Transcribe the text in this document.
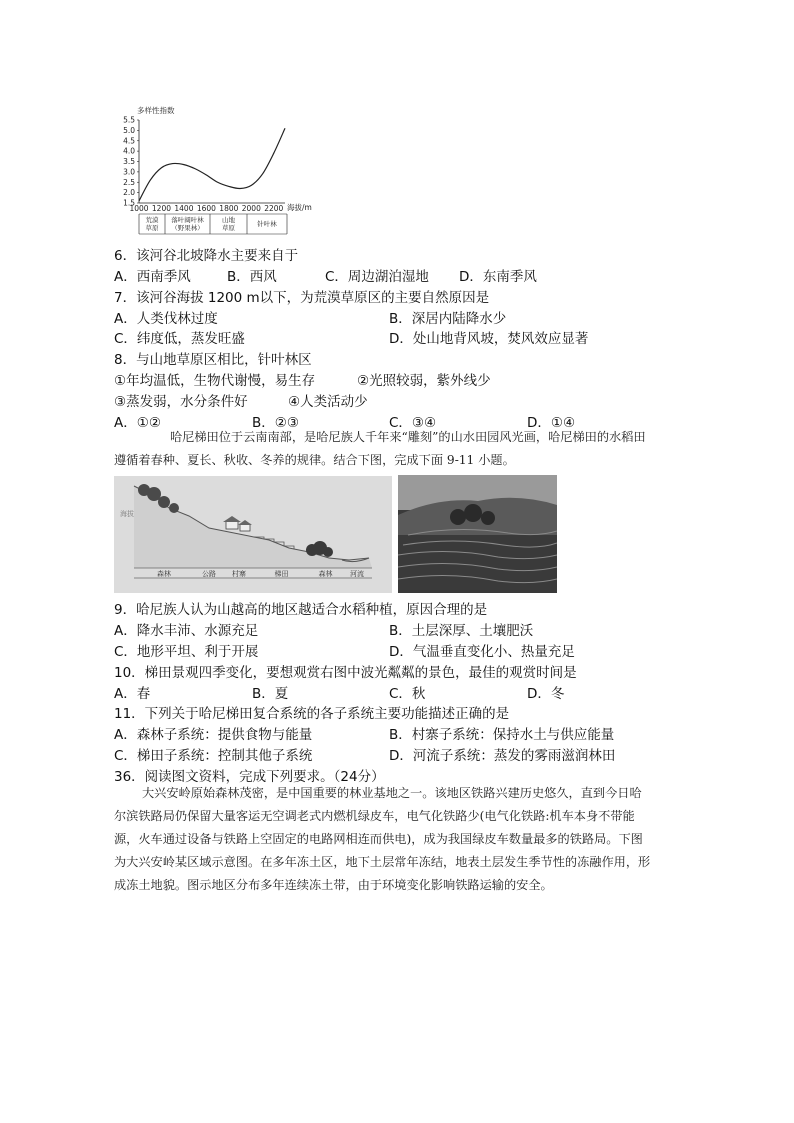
多样性指数
5.5
5.0
4.5
4.0
3.5
3.0
2.5
2.0
1.5
1000 1200 1400 1600 1800 2000 2200 海拔/m
荒漠
草原
落叶阔叶林
（野果林）
山地
草原	针叶林
6．该河谷北坡降水主要来自于
A．西南季风	B．西风	C．周边湖泊湿地 D．东南季风
7．该河谷海拔 1200 m以下，为荒漠草原区的主要自然原因是
A．人类伐林过度	B．深居内陆降水少
C．纬度低，蒸发旺盛	D．处山地背风坡，焚风效应显著
8．与山地草原区相比，针叶林区
①年均温低，生物代谢慢，易生存	②光照较弱，紫外线少
③蒸发弱，水分条件好	④人类活动少
A．①②	B．②③	C．③④	D．①④
哈尼梯田位于云南南部，是哈尼族人千年来“雕刻”的山水田园风光画，哈尼梯田的水稻田遵循着春种、夏长、秋收、冬养的规律。结合下图，完成下面 9-11 小题。
海拔
森林	公路 村寨	梯田	森林	河流
9．哈尼族人认为山越高的地区越适合水稻种植，原因合理的是
A．降水丰沛、水源充足	B．土层深厚、土壤肥沃
C．地形平坦、利于开展	D．气温垂直变化小、热量充足
10．梯田景观四季变化，要想观赏右图中波光粼粼的景色，最佳的观赏时间是
A．春	B．夏	C．秋	D．冬
11．下列关于哈尼梯田复合系统的各子系统主要功能描述正确的是
A．森林子系统：提供食物与能量	B．村寨子系统：保持水土与供应能量
C．梯田子系统：控制其他子系统	D．河流子系统：蒸发的雾雨滋润林田
36．阅读图文资料，完成下列要求。（24分）
大兴安岭原始森林茂密，是中国重要的林业基地之一。该地区铁路兴建历史悠久，直到今日哈尔滨铁路局仍保留大量客运无空调老式内燃机绿皮车，电气化铁路少(电气化铁路:机车本身不带能源，火车通过设备与铁路上空固定的电路网相连而供电)，成为我国绿皮车数量最多的铁路局。下图为大兴安岭某区域示意图。在多年冻土区，地下土层常年冻结，地表土层发生季节性的冻融作用，形成冻土地貌。图示地区分布多年连续冻土带，由于环境变化影响铁路运输的安全。
